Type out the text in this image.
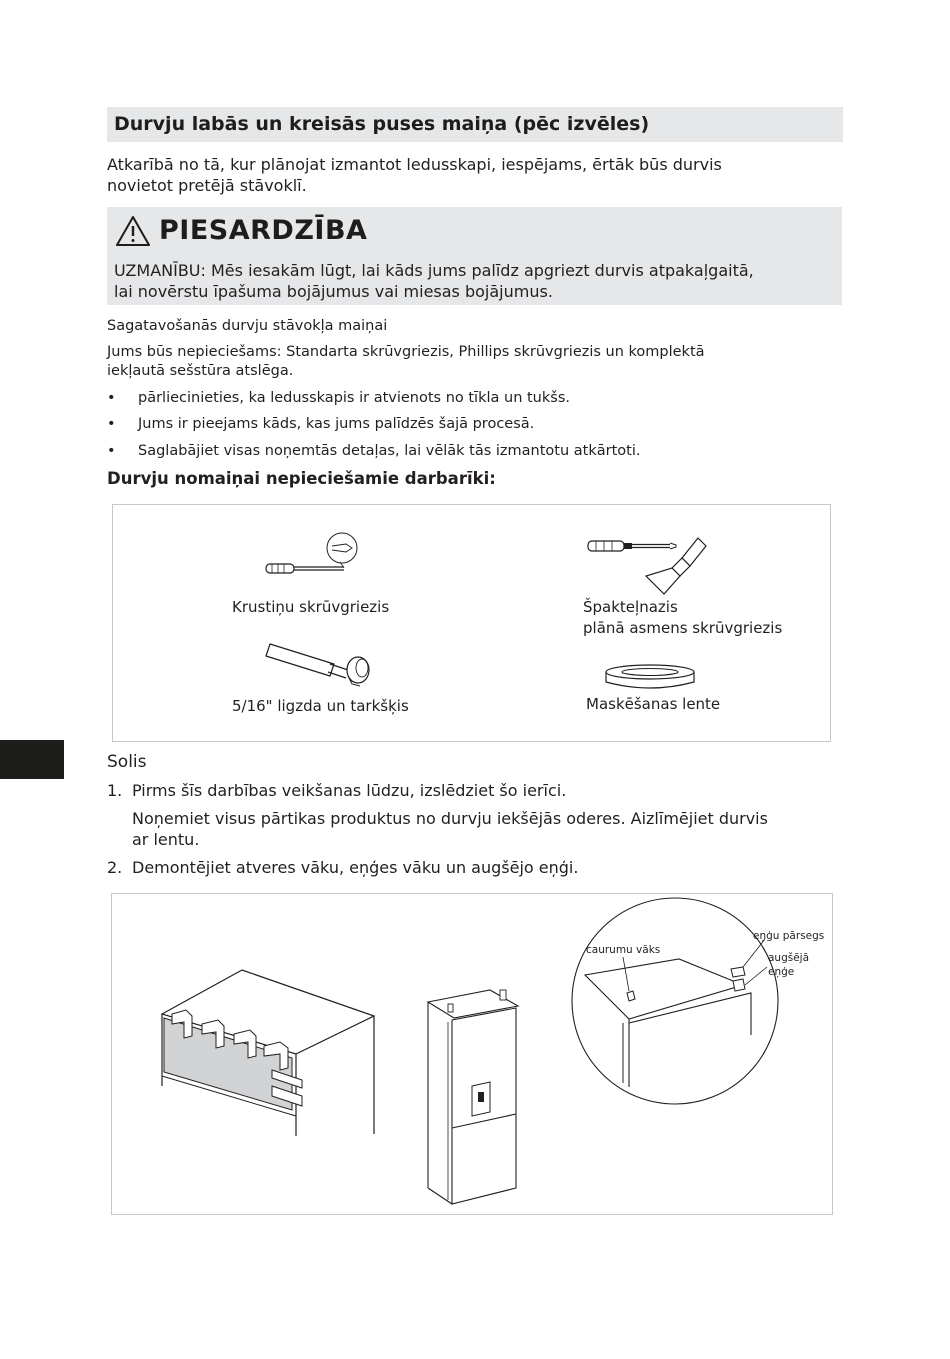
Durvju labās un kreisās puses maiņa (pēc izvēles)
Atkarībā no tā, kur plānojat izmantot ledusskapi, iespējams, ērtāk būs durvis
novietot pretējā stāvoklī.
PIESARDZĪBA
UZMANĪBU: Mēs iesakām lūgt, lai kāds jums palīdz apgriezt durvis atpakaļgaitā,
lai novērstu īpašuma bojājumus vai miesas bojājumus.
Sagatavošanās durvju stāvokļa maiņai
Jums būs nepieciešams: Standarta skrūvgriezis, Phillips skrūvgriezis un komplektā
iekļautā sešstūra atslēga.
• pārliecinieties, ka ledusskapis ir atvienots no tīkla un tukšs.
• Jums ir pieejams kāds, kas jums palīdzēs šajā procesā.
• Saglabājiet visas noņemtās detaļas, lai vēlāk tās izmantotu atkārtoti.
Durvju nomaiņai nepieciešamie darbarīki:
Krustiņu skrūvgriezis	Špakteļnazis
plānā asmens skrūvgriezis
5/16" ligzda un tarkšķis	Maskēšanas lente
Solis
1. Pirms šīs darbības veikšanas lūdzu, izslēdziet šo ierīci.
Noņemiet visus pārtikas produktus no durvju iekšējās oderes. Aizlīmējiet durvis
ar lentu.
2. Demontējiet atveres vāku, eņģes vāku un augšējo eņģi.
caurumu vāks
eņģu pārsegs
augšējā
eņģe
